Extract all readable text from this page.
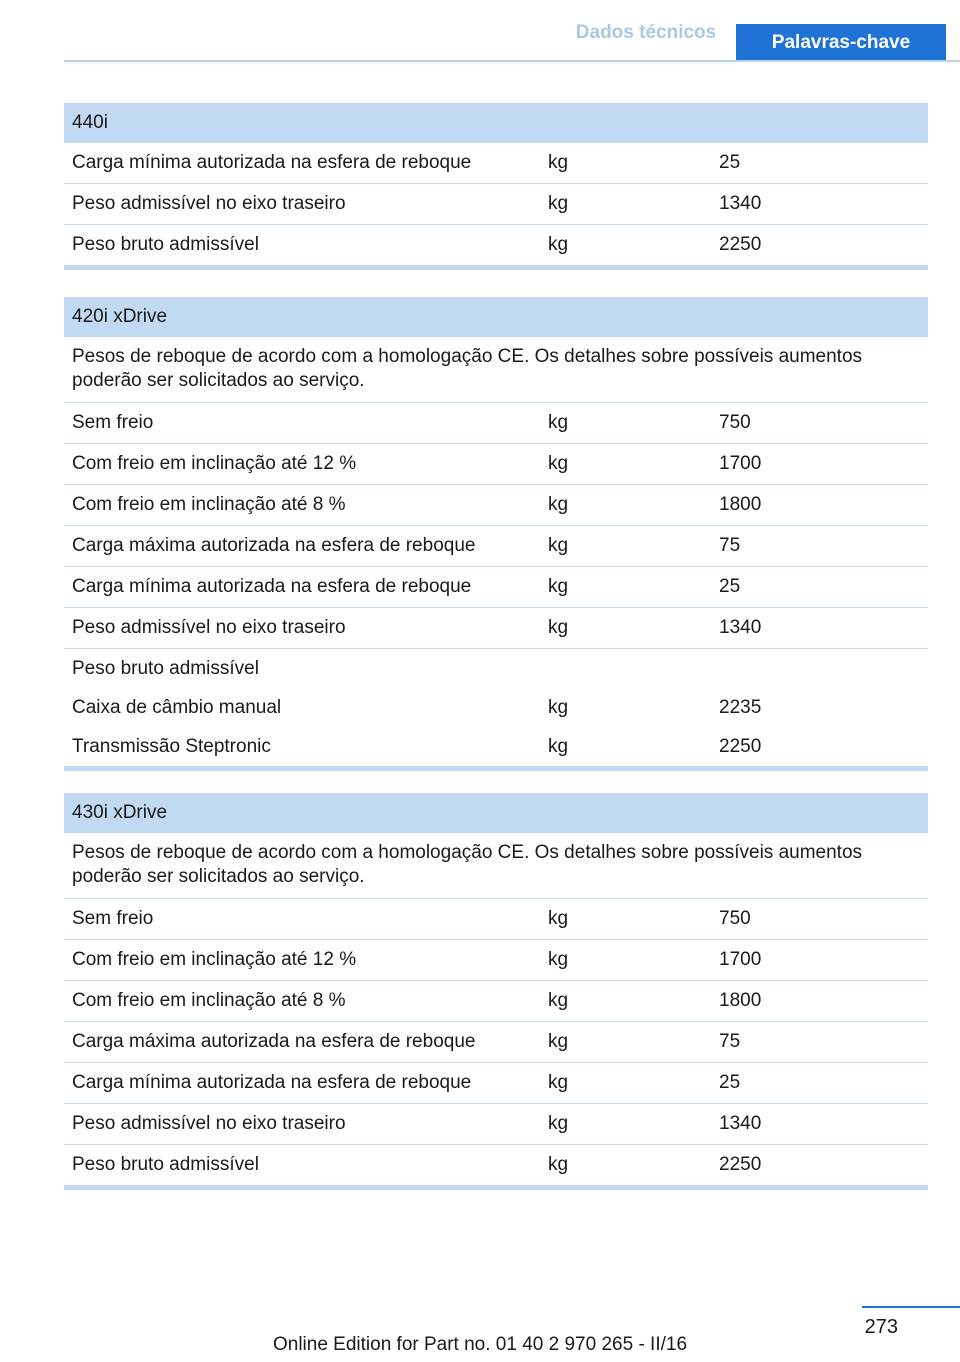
Dados técnicos	Palavras-chave
440i
Carga mínima autorizada na esfera de reboque	kg	25
Peso admissível no eixo traseiro	kg	1340
Peso bruto admissível	kg	2250
420i xDrive
Pesos de reboque de acordo com a homologação CE. Os detalhes sobre possíveis aumentos poderão ser solicitados ao serviço.
Sem freio	kg	750
Com freio em inclinação até 12 %	kg	1700
Com freio em inclinação até 8 %	kg	1800
Carga máxima autorizada na esfera de reboque	kg	75
Carga mínima autorizada na esfera de reboque	kg	25
Peso admissível no eixo traseiro	kg	1340
Peso bruto admissível
Caixa de câmbio manual	kg	2235
Transmissão Steptronic	kg	2250
430i xDrive
Pesos de reboque de acordo com a homologação CE. Os detalhes sobre possíveis aumentos poderão ser solicitados ao serviço.
Sem freio	kg	750
Com freio em inclinação até 12 %	kg	1700
Com freio em inclinação até 8 %	kg	1800
Carga máxima autorizada na esfera de reboque	kg	75
Carga mínima autorizada na esfera de reboque	kg	25
Peso admissível no eixo traseiro	kg	1340
Peso bruto admissível	kg	2250
273
Online Edition for Part no. 01 40 2 970 265 - II/16
